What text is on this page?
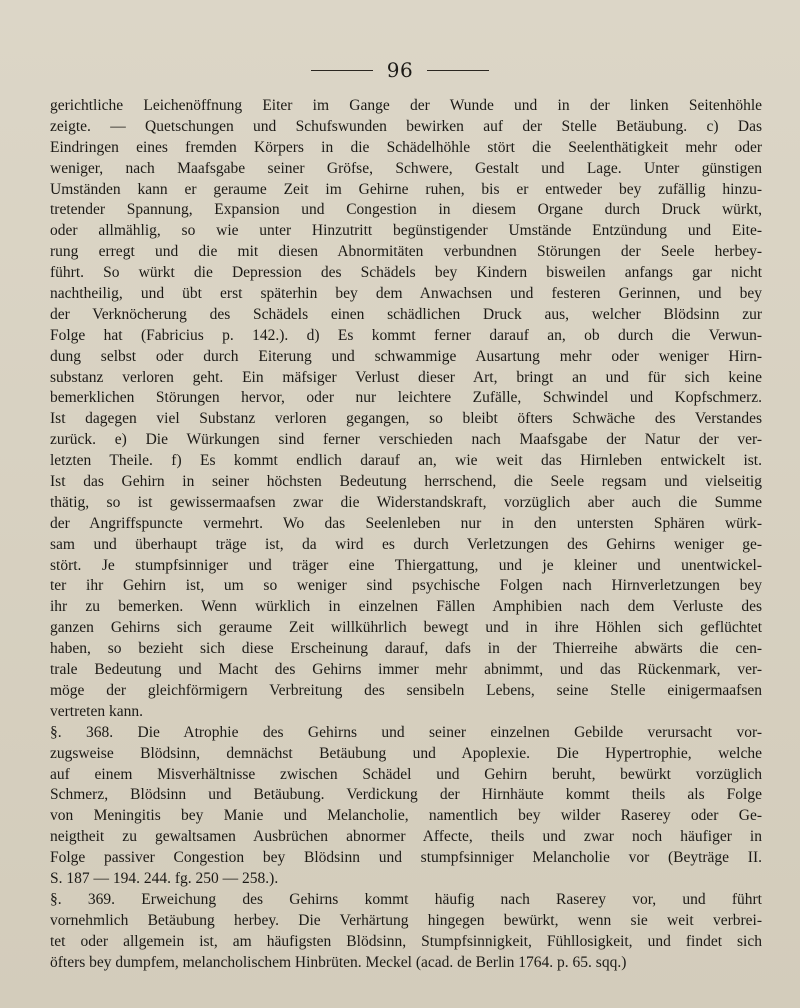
96
gerichtliche Leichenöffnung Eiter im Gange der Wunde und in der linken Seitenhöhle
zeigte. — Quetschungen und Schufswunden bewirken auf der Stelle Betäubung. c) Das
Eindringen eines fremden Körpers in die Schädelhöhle stört die Seelenthätigkeit mehr oder
weniger, nach Maafsgabe seiner Gröfse, Schwere, Gestalt und Lage. Unter günstigen
Umständen kann er geraume Zeit im Gehirne ruhen, bis er entweder bey zufällig hinzu-
tretender Spannung, Expansion und Congestion in diesem Organe durch Druck würkt,
oder allmählig, so wie unter Hinzutritt begünstigender Umstände Entzündung und Eite-
rung erregt und die mit diesen Abnormitäten verbundnen Störungen der Seele herbey-
führt. So würkt die Depression des Schädels bey Kindern bisweilen anfangs gar nicht
nachtheilig, und übt erst späterhin bey dem Anwachsen und festeren Gerinnen, und bey
der Verknöcherung des Schädels einen schädlichen Druck aus, welcher Blödsinn zur
Folge hat (Fabricius p. 142.). d) Es kommt ferner darauf an, ob durch die Verwun-
dung selbst oder durch Eiterung und schwammige Ausartung mehr oder weniger Hirn-
substanz verloren geht. Ein mäfsiger Verlust dieser Art, bringt an und für sich keine
bemerklichen Störungen hervor, oder nur leichtere Zufälle, Schwindel und Kopfschmerz.
Ist dagegen viel Substanz verloren gegangen, so bleibt öfters Schwäche des Verstandes
zurück. e) Die Würkungen sind ferner verschieden nach Maafsgabe der Natur der ver-
letzten Theile. f) Es kommt endlich darauf an, wie weit das Hirnleben entwickelt ist.
Ist das Gehirn in seiner höchsten Bedeutung herrschend, die Seele regsam und vielseitig
thätig, so ist gewissermaafsen zwar die Widerstandskraft, vorzüglich aber auch die Summe
der Angriffspuncte vermehrt. Wo das Seelenleben nur in den untersten Sphären würk-
sam und überhaupt träge ist, da wird es durch Verletzungen des Gehirns weniger ge-
stört. Je stumpfsinniger und träger eine Thiergattung, und je kleiner und unentwickel-
ter ihr Gehirn ist, um so weniger sind psychische Folgen nach Hirnverletzungen bey
ihr zu bemerken. Wenn würklich in einzelnen Fällen Amphibien nach dem Verluste des
ganzen Gehirns sich geraume Zeit willkührlich bewegt und in ihre Höhlen sich geflüchtet
haben, so bezieht sich diese Erscheinung darauf, dafs in der Thierreihe abwärts die cen-
trale Bedeutung und Macht des Gehirns immer mehr abnimmt, und das Rückenmark, ver-
möge der gleichförmigern Verbreitung des sensibeln Lebens, seine Stelle einigermaafsen
vertreten kann.
§. 368. Die Atrophie des Gehirns und seiner einzelnen Gebilde verursacht vor-
zugsweise Blödsinn, demnächst Betäubung und Apoplexie. Die Hypertrophie, welche
auf einem Misverhältnisse zwischen Schädel und Gehirn beruht, bewürkt vorzüglich
Schmerz, Blödsinn und Betäubung. Verdickung der Hirnhäute kommt theils als Folge
von Meningitis bey Manie und Melancholie, namentlich bey wilder Raserey oder Ge-
neigtheit zu gewaltsamen Ausbrüchen abnormer Affecte, theils und zwar noch häufiger in
Folge passiver Congestion bey Blödsinn und stumpfsinniger Melancholie vor (Beyträge II.
S. 187 — 194. 244. fg. 250 — 258.).
§. 369. Erweichung des Gehirns kommt häufig nach Raserey vor, und führt
vornehmlich Betäubung herbey. Die Verhärtung hingegen bewürkt, wenn sie weit verbrei-
tet oder allgemein ist, am häufigsten Blödsinn, Stumpfsinnigkeit, Fühllosigkeit, und findet sich
öfters bey dumpfem, melancholischem Hinbrüten. Meckel (acad. de Berlin 1764. p. 65. sqq.)
